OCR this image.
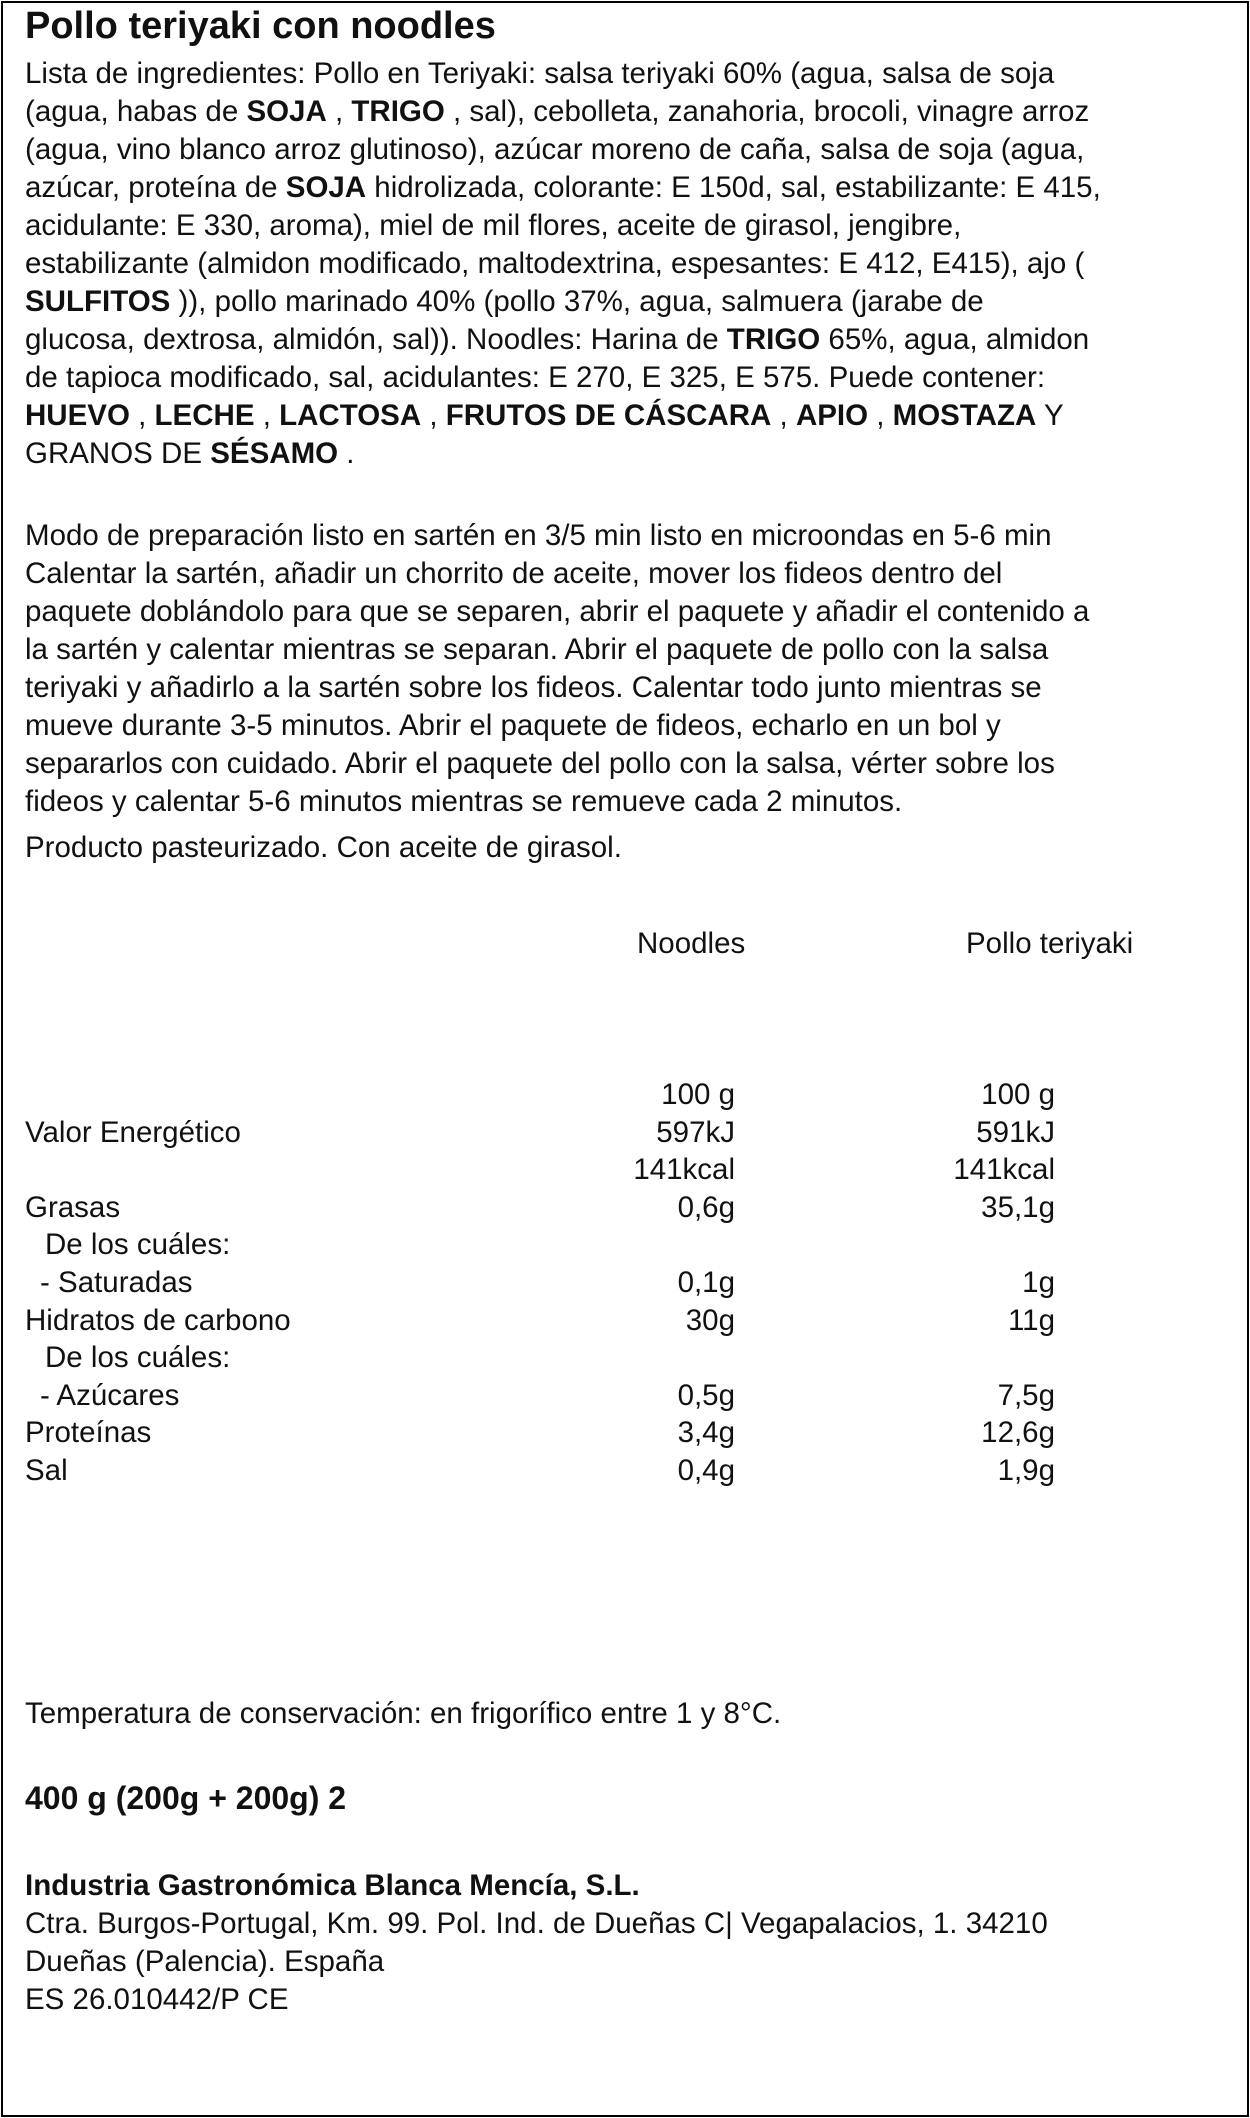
Pollo teriyaki con noodles
Lista de ingredientes: Pollo en Teriyaki: salsa teriyaki 60% (agua, salsa de soja
(agua, habas de SOJA , TRIGO , sal), cebolleta, zanahoria, brocoli, vinagre arroz
(agua, vino blanco arroz glutinoso), azúcar moreno de caña, salsa de soja (agua,
azúcar, proteína de SOJA hidrolizada, colorante: E 150d, sal, estabilizante: E 415,
acidulante: E 330, aroma), miel de mil flores, aceite de girasol, jengibre,
estabilizante (almidon modificado, maltodextrina, espesantes: E 412, E415), ajo (
SULFITOS )), pollo marinado 40% (pollo 37%, agua, salmuera (jarabe de
glucosa, dextrosa, almidón, sal)). Noodles: Harina de TRIGO 65%, agua, almidon
de tapioca modificado, sal, acidulantes: E 270, E 325, E 575. Puede contener:
HUEVO , LECHE , LACTOSA , FRUTOS DE CÁSCARA , APIO , MOSTAZA Y
GRANOS DE SÉSAMO .
Modo de preparación listo en sartén en 3/5 min listo en microondas en 5-6 min
Calentar la sartén, añadir un chorrito de aceite, mover los fideos dentro del
paquete doblándolo para que se separen, abrir el paquete y añadir el contenido a
la sartén y calentar mientras se separan. Abrir el paquete de pollo con la salsa
teriyaki y añadirlo a la sartén sobre los fideos. Calentar todo junto mientras se
mueve durante 3-5 minutos. Abrir el paquete de fideos, echarlo en un bol y
separarlos con cuidado. Abrir el paquete del pollo con la salsa, vérter sobre los
fideos y calentar 5-6 minutos mientras se remueve cada 2 minutos.
Producto pasteurizado. Con aceite de girasol.
Noodles	Pollo teriyaki
100 g	100 g
Valor Energético	597kJ	591kJ
141kcal	141kcal
Grasas	0,6g	35,1g
De los cuáles:
- Saturadas	0,1g	1g
Hidratos de carbono	30g	11g
De los cuáles:
- Azúcares	0,5g	7,5g
Proteínas	3,4g	12,6g
Sal	0,4g	1,9g
Temperatura de conservación: en frigorífico entre 1 y 8°C.
400 g (200g + 200g) 2
Industria Gastronómica Blanca Mencía, S.L.
Ctra. Burgos-Portugal, Km. 99. Pol. Ind. de Dueñas C| Vegapalacios, 1. 34210
Dueñas (Palencia). España
ES 26.010442/P CE
